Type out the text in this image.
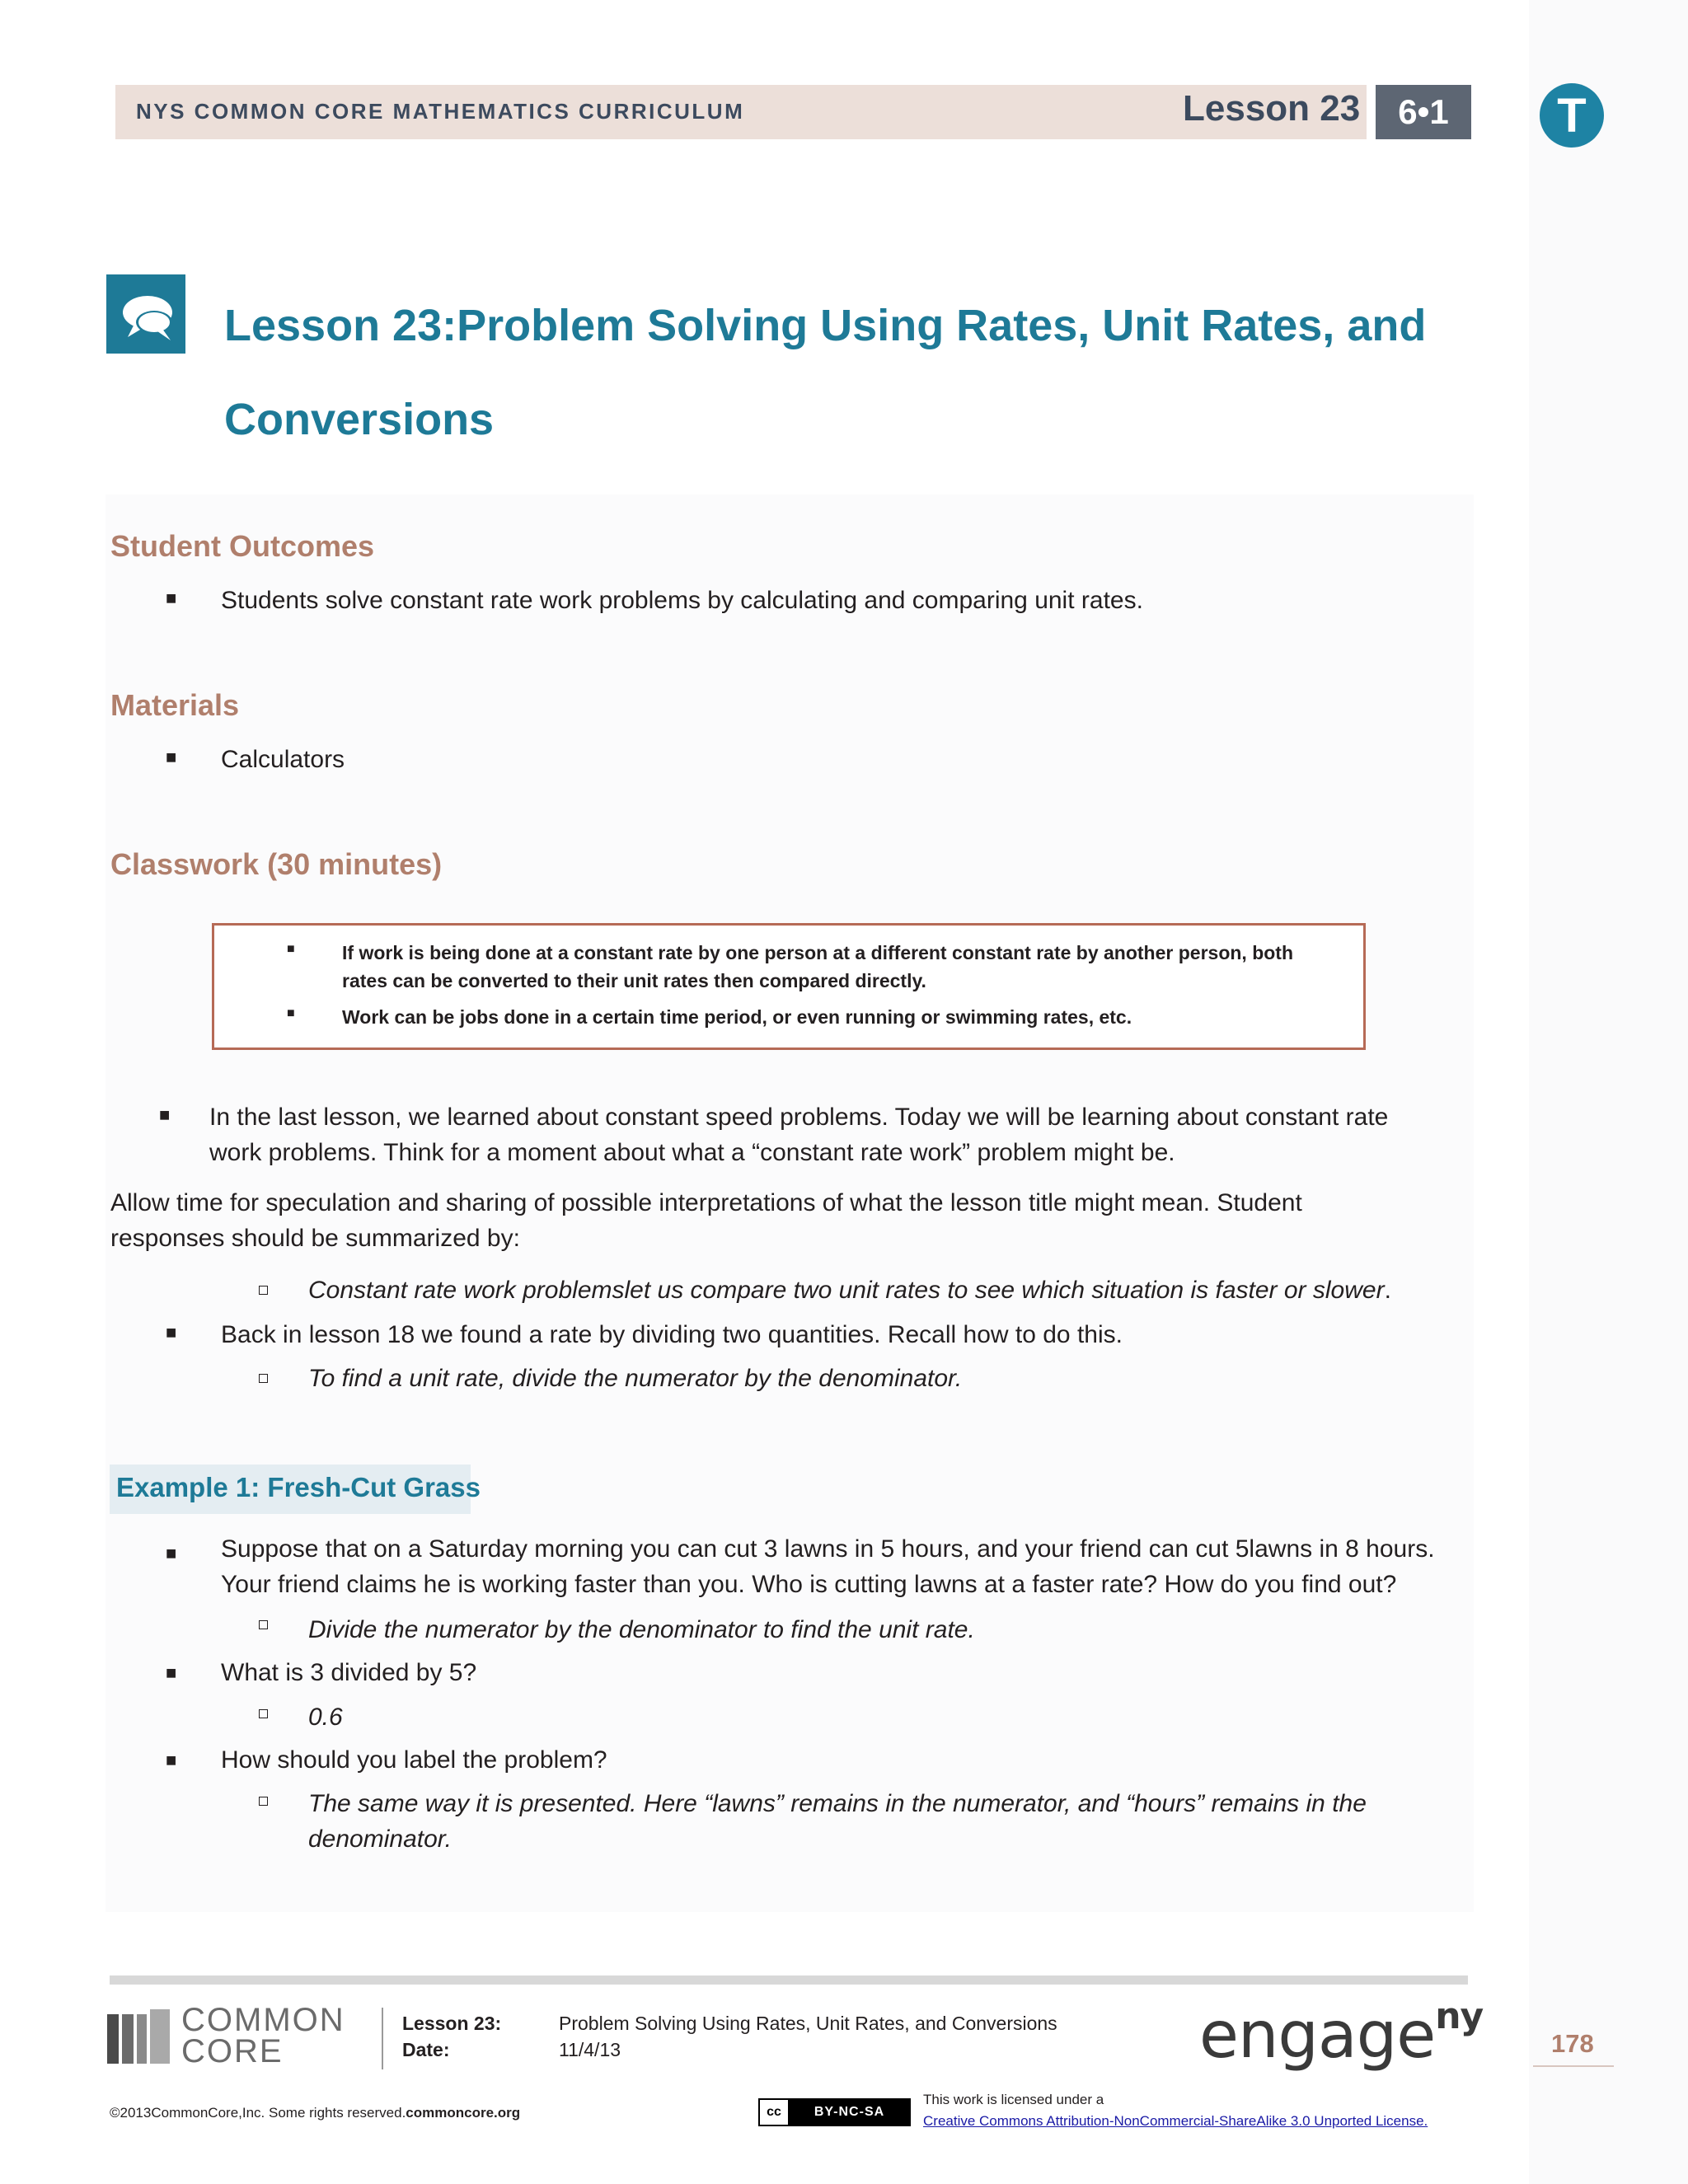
NYS COMMON CORE MATHEMATICS CURRICULUM	Lesson 23	6•1	T
Lesson 23:Problem Solving Using Rates, Unit Rates, and
Conversions
Student Outcomes
■ Students solve constant rate work problems by calculating and comparing unit rates.
Materials
■ Calculators
Classwork (30 minutes)
■ If work is being done at a constant rate by one person at a different constant rate by another person, both
rates can be converted to their unit rates then compared directly.
■ Work can be jobs done in a certain time period, or even running or swimming rates, etc.
■ In the last lesson, we learned about constant speed problems. Today we will be learning about constant rate
work problems. Think for a moment about what a “constant rate work” problem might be.
Allow time for speculation and sharing of possible interpretations of what the lesson title might mean. Student
responses should be summarized by:
Constant rate work problemslet us compare two unit rates to see which situation is faster or slower.
■ Back in lesson 18 we found a rate by dividing two quantities. Recall how to do this.
To find a unit rate, divide the numerator by the denominator.
Example 1: Fresh-Cut Grass
■ Suppose that on a Saturday morning you can cut 3 lawns in 5 hours, and your friend can cut 5lawns in 8 hours.
Your friend claims he is working faster than you. Who is cutting lawns at a faster rate? How do you find out?
Divide the numerator by the denominator to find the unit rate.
■ What is 3 divided by 5?
0.6
■ How should you label the problem?
The same way it is presented. Here “lawns” remains in the numerator, and “hours” remains in the
denominator.
COMMON
CORE
Lesson 23:
Date:
Problem Solving Using Rates, Unit Rates, and Conversions
11/4/13	engage$^{ny}$
178
©2013CommonCore,Inc. Some rights reserved.commoncore.org	cc	BY-NC-SA
This work is licensed under a
Creative Commons Attribution-NonCommercial-ShareAlike 3.0 Unported License.
